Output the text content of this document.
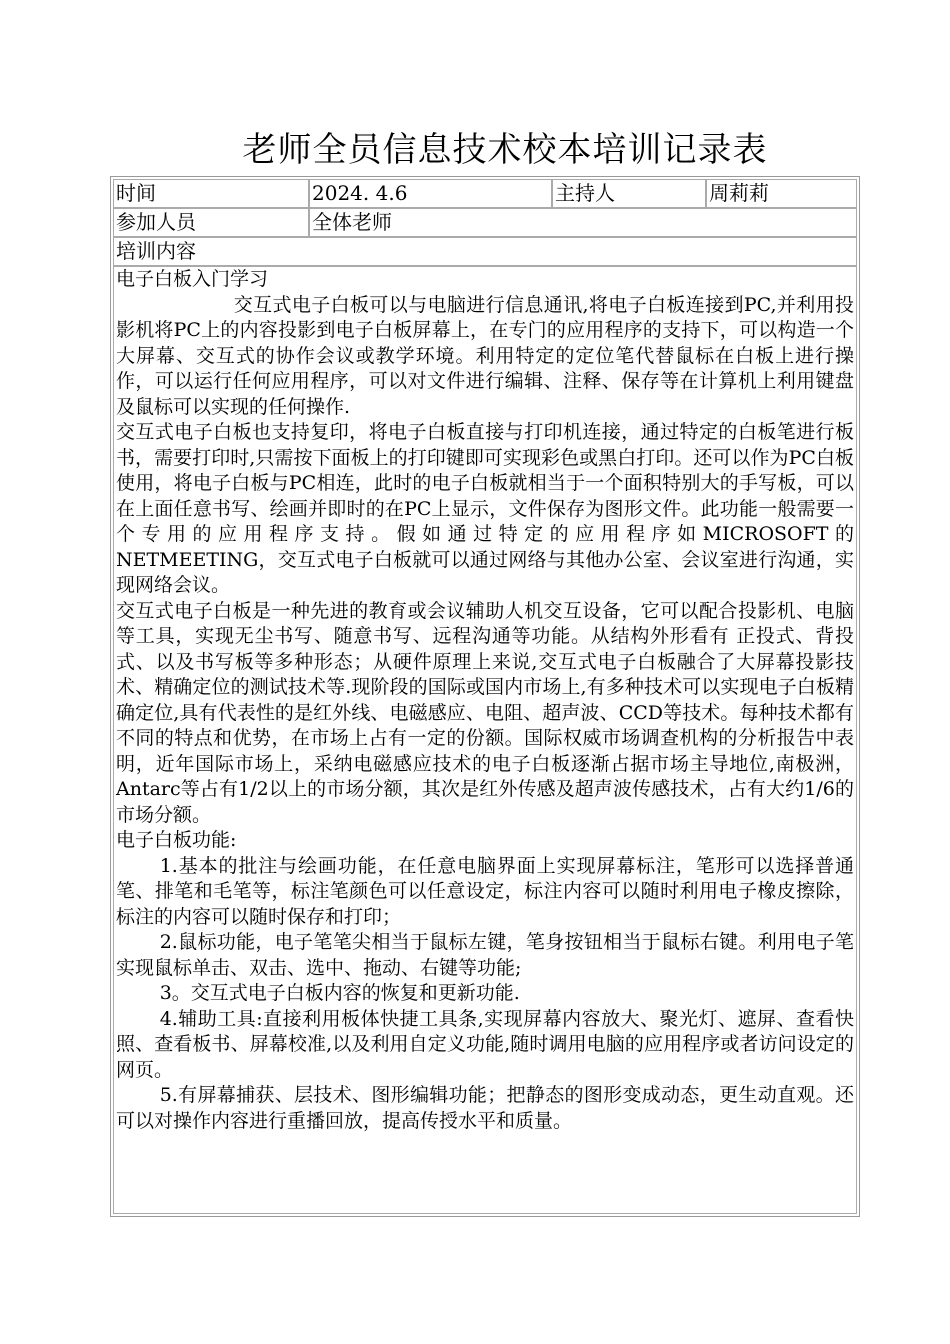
老师全员信息技术校本培训记录表
时间	2024. 4.6	主持人	周莉莉
参加人员	全体老师
培训内容

电子白板入门学习

交互式电子白板可以与电脑进行信息通讯,将电子白板连接到PC,并利用投影机将PC上的内容投影到电子白板屏幕上，在专门的应用程序的支持下，可以构造一个大屏幕、交互式的协作会议或教学环境。利用特定的定位笔代替鼠标在白板上进行操作，可以运行任何应用程序，可以对文件进行编辑、注释、保存等在计算机上利用键盘及鼠标可以实现的任何操作.

交互式电子白板也支持复印，将电子白板直接与打印机连接，通过特定的白板笔进行板书，需要打印时,只需按下面板上的打印键即可实现彩色或黑白打印。还可以作为PC白板使用，将电子白板与PC相连，此时的电子白板就相当于一个面积特别大的手写板，可以在上面任意书写、绘画并即时的在PC上显示，文件保存为图形文件。此功能一般需要一个专用的应用程序支持。假如通过特定的应用程序如MICROSOFT的NETMEETING，交互式电子白板就可以通过网络与其他办公室、会议室进行沟通，实现网络会议。

交互式电子白板是一种先进的教育或会议辅助人机交互设备，它可以配合投影机、电脑等工具，实现无尘书写、随意书写、远程沟通等功能。从结构外形看有 正投式、背投式、以及书写板等多种形态；从硬件原理上来说,交互式电子白板融合了大屏幕投影技术、精确定位的测试技术等.现阶段的国际或国内市场上,有多种技术可以实现电子白板精确定位,具有代表性的是红外线、电磁感应、电阻、超声波、CCD等技术。每种技术都有不同的特点和优势，在市场上占有一定的份额。国际权威市场调查机构的分析报告中表明，近年国际市场上，采纳电磁感应技术的电子白板逐渐占据市场主导地位,南极洲，Antarc等占有1/2以上的市场分额，其次是红外传感及超声波传感技术，占有大约1/6的市场分额。

电子白板功能:

1.基本的批注与绘画功能，在任意电脑界面上实现屏幕标注，笔形可以选择普通笔、排笔和毛笔等，标注笔颜色可以任意设定，标注内容可以随时利用电子橡皮擦除，标注的内容可以随时保存和打印；

2.鼠标功能，电子笔笔尖相当于鼠标左键，笔身按钮相当于鼠标右键。利用电子笔实现鼠标单击、双击、选中、拖动、右键等功能;

3。交互式电子白板内容的恢复和更新功能.

4.辅助工具:直接利用板体快捷工具条,实现屏幕内容放大、聚光灯、遮屏、查看快照、查看板书、屏幕校准,以及利用自定义功能,随时调用电脑的应用程序或者访问设定的网页。

5.有屏幕捕获、层技术、图形编辑功能；把静态的图形变成动态，更生动直观。还可以对操作内容进行重播回放，提高传授水平和质量。
